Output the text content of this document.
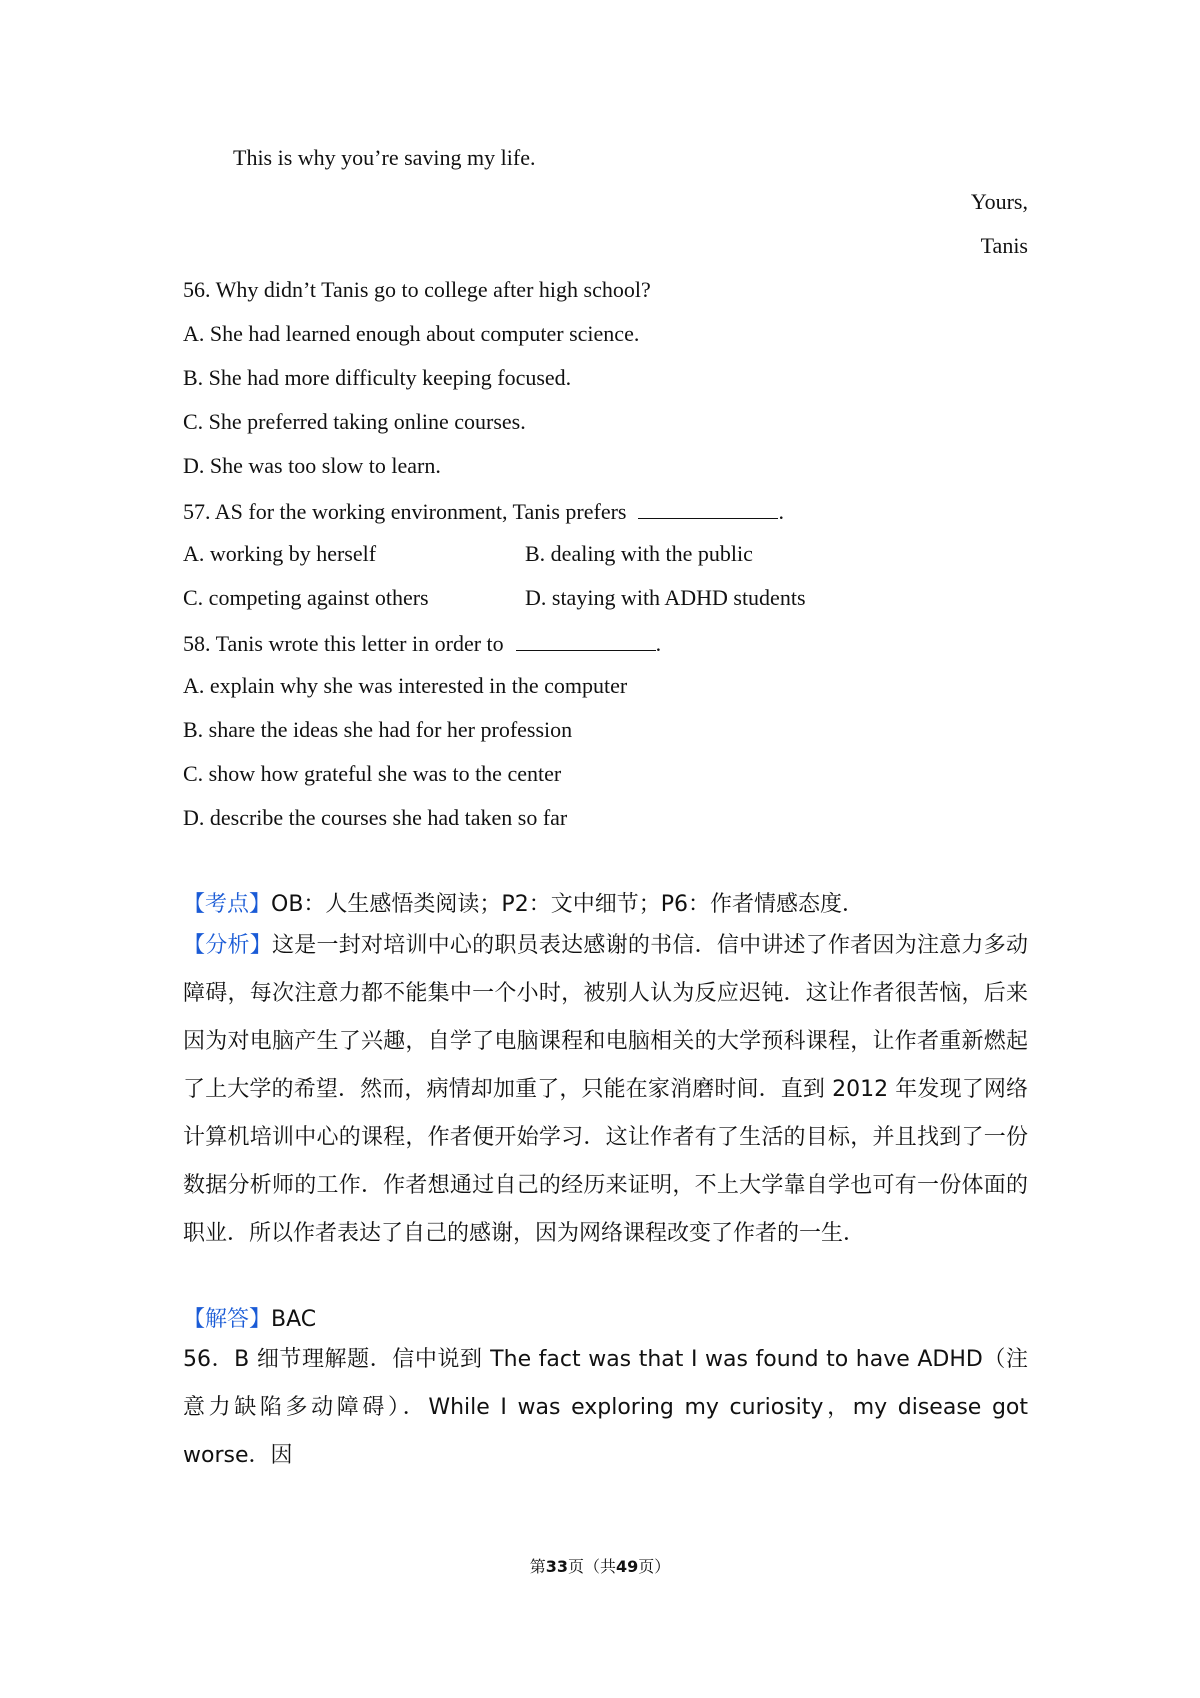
This is why you’re saving my life.
Yours,
Tanis
56. Why didn’t Tanis go to college after high school?
A. She had learned enough about computer science.
B. She had more difficulty keeping focused.
C. She preferred taking online courses.
D. She was too slow to learn.
57. AS for the working environment, Tanis prefers	.
A. working by herself	B. dealing with the public
C. competing against others	D. staying with ADHD students
58. Tanis wrote this letter in order to	.
A. explain why she was interested in the computer
B. share the ideas she had for her profession
C. show how grateful she was to the center
D. describe the courses she had taken so far
【考点】OB：人生感悟类阅读；P2：文中细节；P6：作者情感态度．
【分析】这是一封对培训中心的职员表达感谢的书信．信中讲述了作者因为注意力多动障碍，每次注意力都不能集中一个小时，被别人认为反应迟钝．这让作者很苦恼，后来因为对电脑产生了兴趣，自学了电脑课程和电脑相关的大学预科课程，让作者重新燃起了上大学的希望．然而，病情却加重了，只能在家消磨时间．直到 2012 年发现了网络计算机培训中心的课程，作者便开始学习．这让作者有了生活的目标，并且找到了一份数据分析师的工作．作者想通过自己的经历来证明，不上大学靠自学也可有一份体面的职业．所以作者表达了自己的感谢，因为网络课程改变了作者的一生．
【解答】BAC
56．B 细节理解题．信中说到 The fact was that I was found to have ADHD（注意力缺陷多动障碍）．While I was exploring my curiosity，my disease got worse．因
第33页（共49页）
